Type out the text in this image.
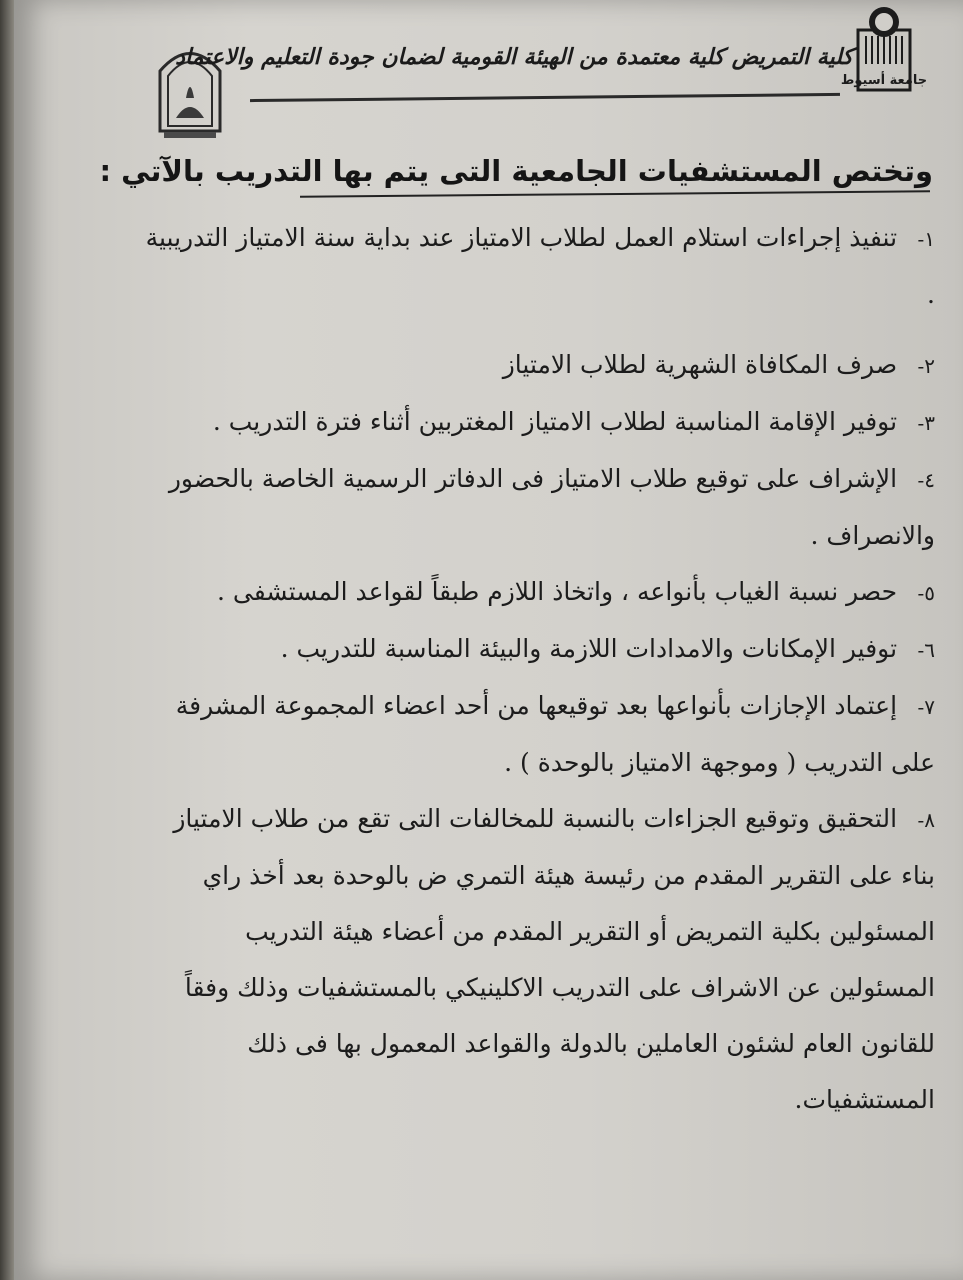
جامعة أسيوط
كلية التمريض كلية معتمدة من الهيئة القومية لضمان جودة التعليم والاعتماد
وتختص المستشفيات الجامعية التى يتم بها التدريب بالآتي :
١- تنفيذ إجراءات استلام العمل لطلاب الامتياز عند بداية سنة الامتياز التدريبية .
٢- صرف المكافاة الشهرية لطلاب الامتياز
٣- توفير الإقامة المناسبة لطلاب الامتياز المغتربين أثناء فترة التدريب .
٤- الإشراف على توقيع طلاب الامتياز فى الدفاتر الرسمية الخاصة بالحضور والانصراف .
٥- حصر نسبة الغياب بأنواعه ، واتخاذ اللازم طبقاً لقواعد المستشفى .
٦- توفير الإمكانات والامدادات اللازمة والبيئة المناسبة للتدريب .
٧- إعتماد الإجازات بأنواعها بعد توقيعها من أحد اعضاء المجموعة المشرفة على التدريب ( وموجهة الامتياز بالوحدة ) .
٨- التحقيق وتوقيع الجزاءات بالنسبة للمخالفات التى تقع من طلاب الامتياز بناء على التقرير المقدم من رئيسة هيئة التمري ض بالوحدة بعد أخذ راي المسئولين بكلية التمريض أو التقرير المقدم من أعضاء هيئة التدريب المسئولين عن الاشراف على التدريب الاكلينيكي بالمستشفيات وذلك وفقاً للقانون العام لشئون العاملين بالدولة والقواعد المعمول بها فى ذلك المستشفيات.
